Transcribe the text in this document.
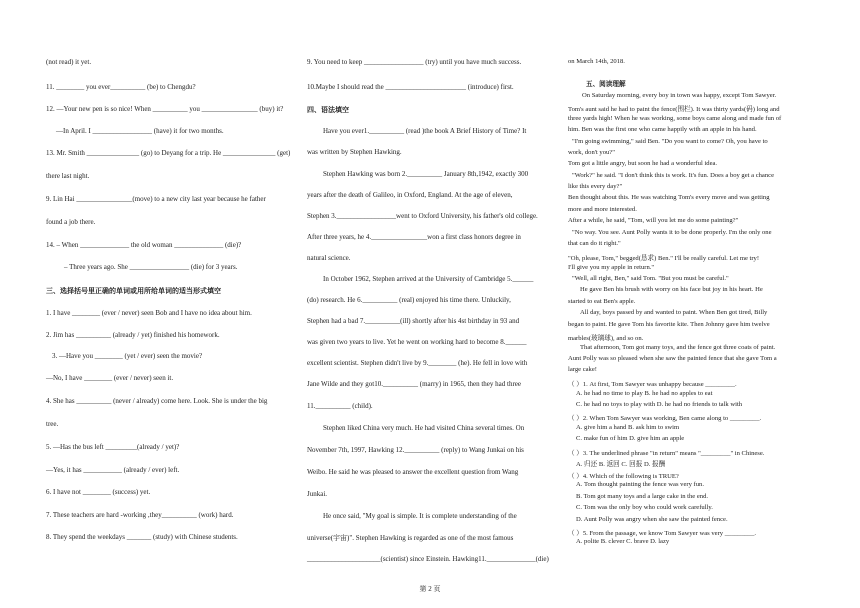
(not read) it yet.
11. ________ you ever__________ (be) to Chengdu?
12. —Your new pen is so nice! When __________ you ________________ (buy) it?
—In April. I _________________ (have) it for two months.
13. Mr. Smith _______________ (go) to Deyang for a trip. He _______________ (get)
there last night.
9. Lin Hai ________________(move) to a new city last year because he father
found a job there.
14. – When ______________ the old woman ______________ (die)?
– Three years ago. She _________________ (die) for 3 years.
三、选择括号里正确的单词或用所给单词的适当形式填空
1. I have ________ (ever / never) seen Bob and I have no idea about him.
2. Jim has __________ (already / yet) finished his homework.
3. —Have you ________ (yet / ever) seen the movie?
—No, I have ________ (ever / never) seen it.
4. She has __________ (never / already) come here. Look. She is under the big
tree.
5. —Has the bus left _________(already / yet)?
—Yes, it has ___________ (already / ever) left.
6. I have not ________ (success) yet.
7. These teachers are hard -working ,they__________ (work) hard.
8. They spend the weekdays _______ (study) with Chinese students.
9. You need to keep _________________ (try) until you have much success.
10.Maybe I should read the _______________________ (introduce) first.
四、语法填空
Have you ever1.__________ (read )the book A Brief History of Time? It
was written by Stephen Hawking.
Stephen Hawking was born 2.__________ January 8th,1942, exactly 300
years after the death of Galileo, in Oxford, England. At the age of eleven,
Stephen 3._________________went to Oxford University, his father's old college.
After three years, he 4.________________won a first class honors degree in
natural science.
In October 1962, Stephen arrived at the University of Cambridge 5.______
(do) research. He 6.__________ (real) enjoyed his time there. Unluckily,
Stephen had a bad 7.__________(ill) shortly after his 4st birthday in 93 and
was given two years to live. Yet he went on working hard to become 8.______
excellent scientist. Stephen didn't live by 9.________ (he). He fell in love with
Jane Wilde and they got10.__________ (marry) in 1965, then they had three
11.__________ (child).
Stephen liked China very much. He had visited China several times. On
November 7th, 1997, Hawking 12.__________ (reply) to Wang Junkai on his
Weibo. He said he was pleased to answer the excellent question from Wang
Junkai.
He once said, "My goal is simple. It is complete understanding of the
universe(宇宙)". Stephen Hawking is regarded as one of the most famous
_____________________(scientist) since Einstein. Hawking11.______________(die)
on March 14th, 2018.
五、阅读理解
On Saturday morning, every boy in town was happy, except Tom Sawyer.
Tom's aunt said he had to paint the fence(围栏). It was thirty yards(码) long and
three yards high! When he was working, some boys came along and made fun of
him. Ben was the first one who came happily with an apple in his hand.
"I'm going swimming," said Ben. "Do you want to come? Oh, you have to
work, don't you?"
Tom got a little angry, but soon he had a wonderful idea.
"Work?" he said. "I don't think this is work. It's fun. Does a boy get a chance
like this every day?"
Ben thought about this. He was watching Tom's every move and was getting
more and more interested.
After a while, he said, "Tom, will you let me do some painting?"
"No way. You see. Aunt Polly wants it to be done properly. I'm the only one
that can do it right."
"Oh, please, Tom," begged(恳求) Ben." I'll be really careful. Let me try!
I'll give you my apple in return."
"Well, all right, Ben," said Tom. "But you must be careful."
He gave Ben his brush with worry on his face but joy in his heart. He
started to eat Ben's apple.
All day, boys passed by and wanted to paint. When Ben got tired, Billy
began to paint. He gave Tom his favorite kite. Then Johnny gave him twelve
marbles(玻璃球), and so on.
That afternoon, Tom got many toys, and the fence got three coats of paint.
Aunt Polly was so pleased when she saw the painted fence that she gave Tom a
large cake!
（ ）1. At first, Tom Sawyer was unhappy because _________.
A. he had no time to play B. he had no apples to eat
C. he had no toys to play with D. he had no friends to talk with
（ ）2. When Tom Sawyer was working, Ben came along to _________.
A. give him a hand B. ask him to swim
C. make fun of him D. give him an apple
（ ）3. The underlined phrase "in return" means "_________" in Chinese.
A. 归还 B. 返回 C. 回报 D. 报酬
（ ）4. Which of the following is TRUE?
A. Tom thought painting the fence was very fun.
B. Tom got many toys and a large cake in the end.
C. Tom was the only boy who could work carefully.
D. Aunt Polly was angry when she saw the painted fence.
（ ）5. From the passage, we know Tom Sawyer was very _________.
A. polite B. clever C. brave D. lazy
第 2 页
